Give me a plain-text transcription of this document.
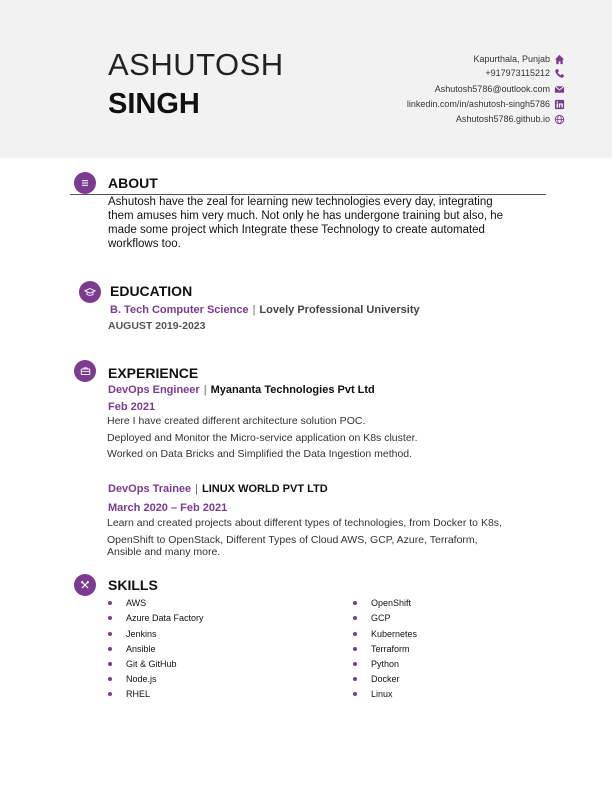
ASHUTOSH
SINGH
Kapurthala, Punjab
+917973115212
Ashutosh5786@outlook.com
linkedin.com/in/ashutosh-singh5786
Ashutosh5786.github.io
ABOUT
Ashutosh have the zeal for learning new technologies every day, integrating
them amuses him very much. Not only he has undergone training but also, he
made some project which Integrate these Technology to create automated
workflows too.
EDUCATION
B. Tech Computer Science | Lovely Professional University
AUGUST 2019-2023
EXPERIENCE
DevOps Engineer | Myananta Technologies Pvt Ltd
Feb 2021
Here I have created different architecture solution POC.
Deployed and Monitor the Micro-service application on K8s cluster.
Worked on Data Bricks and Simplified the Data Ingestion method.
DevOps Trainee | LINUX WORLD PVT LTD
March 2020 – Feb 2021
Learn and created projects about different types of technologies, from Docker to K8s,
OpenShift to OpenStack, Different Types of Cloud AWS, GCP, Azure, Terraform,
Ansible and many more.
SKILLS
AWS
Azure Data Factory
Jenkins
Ansible
Git & GitHub
Node.js
RHEL
OpenShift
GCP
Kubernetes
Terraform
Python
Docker
Linux
